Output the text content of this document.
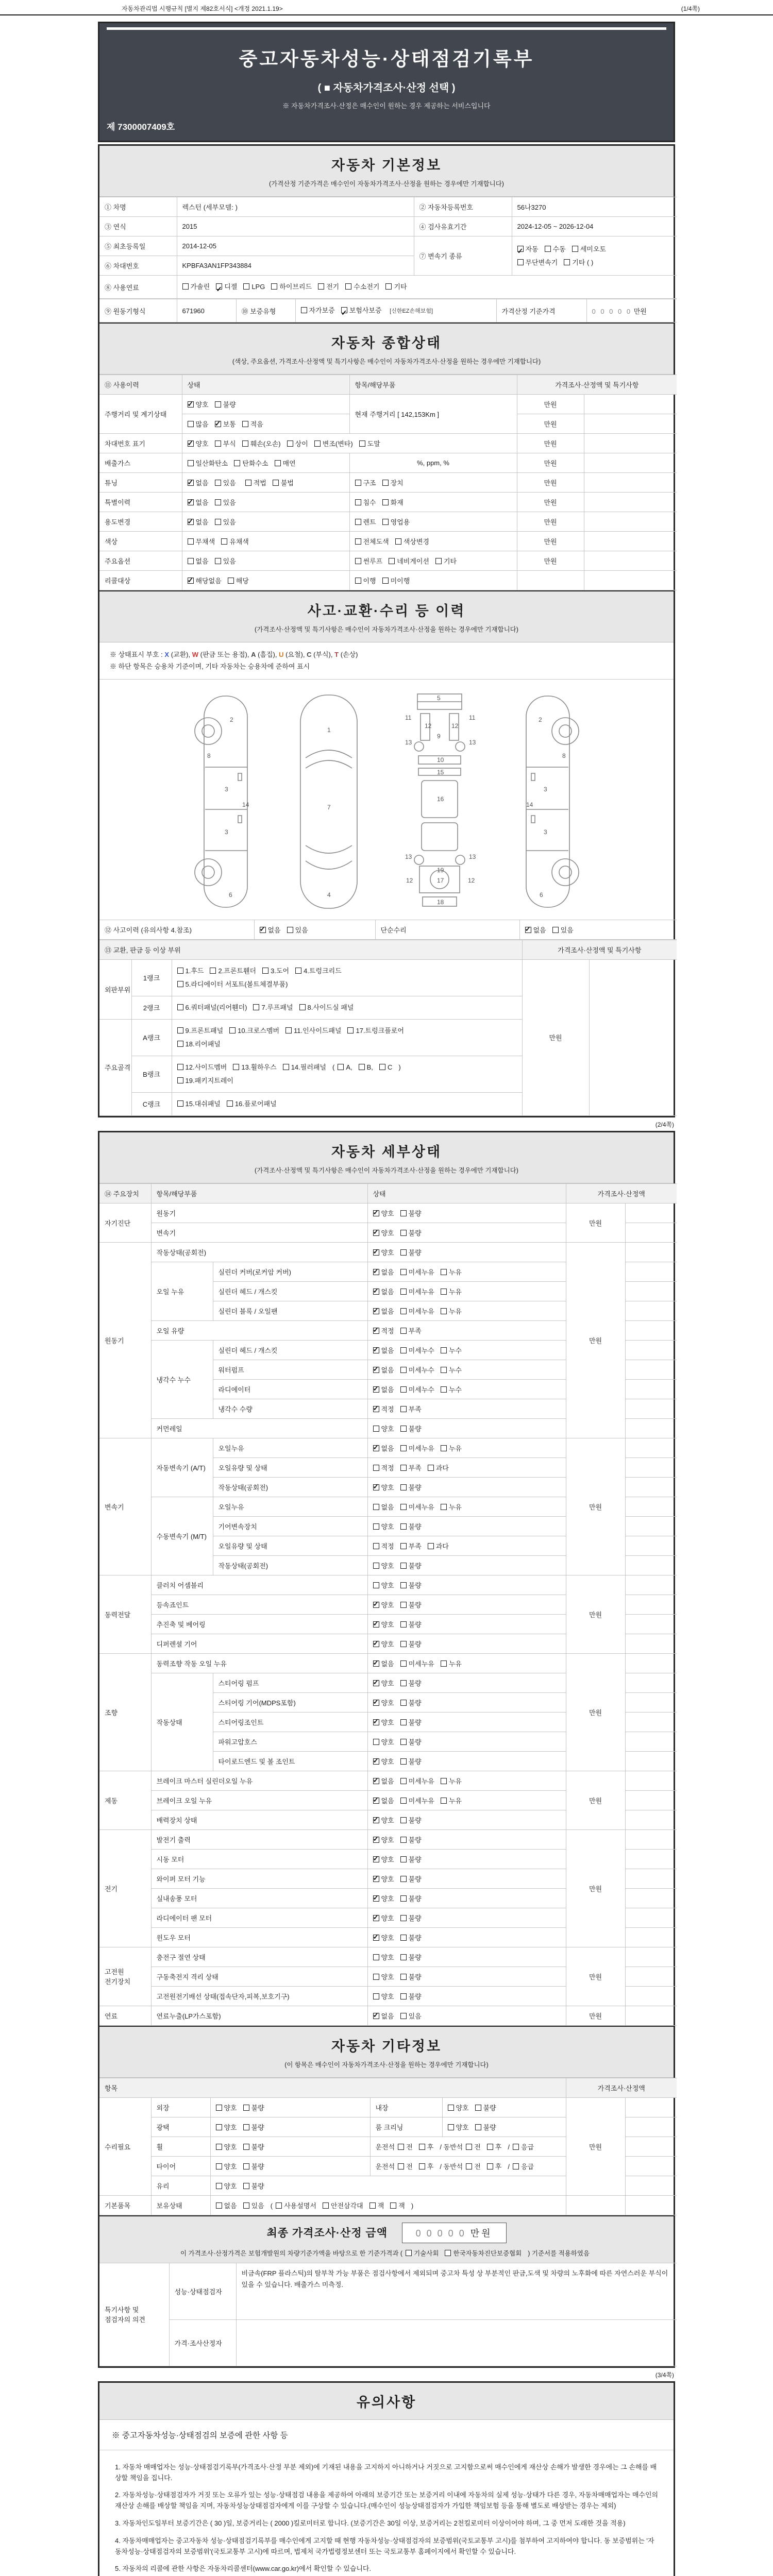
자동차관리법 시행규칙 [별지 제82호서식] <개정 2021.1.19>	(1/4쪽)
중고자동차성능·상태점검기록부
( ■ 자동차가격조사·산정 선택 )
※ 자동차가격조사·산정은 매수인이 원하는 경우 제공하는 서비스입니다
제 7300007409호
자동차 기본정보
(가격산정 기준가격은 매수인이 자동차가격조사·산정을 원하는 경우에만 기재합니다)
① 차명	렉스턴 (세부모델: )	② 자동차등록번호	56나3270
③ 연식	2015	④ 검사유효기간	2024-12-05 ~ 2026-12-04
⑤ 최초등록일	2014-12-05	⑦ 변속기 종류	✓자동 수동 세미오토
무단변속기 기타 ( )
⑥ 차대번호	KPBFA3AN1FP343884		
⑧ 사용연료	가솔린 ✓ 디젤 LPG 하이브리드 전기 수소전기 기타
⑨ 원동기형식	671960	⑩ 보증유형	자가보증 ✓ 보험사보증 [신한EZ손해보험]	가격산정 기준가격	0 0 0 0 0 만원
자동차 종합상태
(색상, 주요옵션, 가격조사·산정액 및 특기사항은 매수인이 자동차가격조사·산정을 원하는 경우에만 기재합니다)
⑪ 사용이력	상태	항목/해당부품	가격조사·산정액 및 특기사항	
주행거리 및 계기상태	✓양호 불량	현재 주행거리 [ 142,153Km ]	만원	
	많음 ✓ 보통 적음		만원	
차대번호 표기	✓양호 부식 훼손(오손) 상이 변조(변타) 도말		만원	
배출가스	일산화탄소 탄화수소 매연	%, ppm, %	만원	
튜닝	✓없음 있음 적법 불법	구조 장치	만원	
특별이력	✓없음 있음	침수 화재	만원	
용도변경	✓없음 있음	렌트 영업용	만원	
색상	무채색 유채색	전체도색 색상변경	만원	
주요옵션	없음 있음	썬루프 네비게이션 기타	만원	
리콜대상	✓해당없음 해당	이행 미이행		
사고·교환·수리 등 이력
(가격조사·산정액 및 특기사항은 매수인이 자동차가격조사·산정을 원하는 경우에만 기재합니다)
※ 상태표시 부호 : X (교환), W (판금 또는 용접), A (흠집), U (요철), C (부식), T (손상)
※ 하단 항목은 승용차 기준이며, 기타 자동차는 승용차에 준하여 표시
2
8
3
14
3
6
1
7
4
5
11	11
12	12
13	13
10
15
16
13	13
19
12	17	12
18
9
2
8
3
14
3
6
⑫ 사고이력 (유의사항 4.참조)	✓없음 있음	단순수리	✓없음 있음
⑬ 교환, 판금 등 이상 부위			가격조사·산정액 및 특기사항	
외판부위	1랭크	1.후드 2.프론트휀더 3.도어 4.트렁크리드
5.라디에이터 서포트(볼트체결부품)	만원	
	2랭크	6.쿼터패널(리어휀더) 7.루프패널 8.사이드실 패널		
주요골격	A랭크	9.프론트패널 10.크로스멤버 11.인사이드패널 17.트렁크플로어
18.리어패널		
	B랭크	12.사이드멤버 13.휠하우스 14.필러패널 ( A, B, C )
19.패키지트레이		
	C랭크	15.대쉬패널 16.플로어패널		
(2/4쪽)
자동차 세부상태
(가격조사·산정액 및 특기사항은 매수인이 자동차가격조사·산정을 원하는 경우에만 기재합니다)
⑭ 주요장치	항목/해당부품		상태	가격조사·산정액	
자기진단	원동기	✓양호 불량	만원	
	변속기	✓양호 불량	
원동기	작동상태(공회전)	✓양호 불량	만원	
	오일 누유	실린더 커버(로커암 커버)	✓없음 미세누유 누유	
		실린더 헤드 / 개스킷	✓없음 미세누유 누유	
		실린더 블록 / 오일팬	✓없음 미세누유 누유	
	오일 유량	✓적정 부족	
	냉각수 누수	실린더 헤드 / 개스킷	✓없음 미세누수 누수	
		워터펌프	✓없음 미세누수 누수	
		라디에이터	✓없음 미세누수 누수	
		냉각수 수량	✓적정 부족	
	커먼레일		양호 불량		
변속기	자동변속기 (A/T)	오일누유	✓없음 미세누유 누유	만원	
		오일유량 및 상태	적정 부족 과다		
		작동상태(공회전)	✓양호 불량	
	수동변속기 (M/T)	오일누유	없음 미세누유 누유		
		기어변속장치	양호 불량		
		오일유량 및 상태	적정 부족 과다		
		작동상태(공회전)	양호 불량		
동력전달	클러치 어셈블리		양호 불량	만원	
	등속죠인트	✓양호 불량	
	추진축 및 베어링	✓양호 불량	
	디퍼렌셜 기어	✓양호 불량	
조향	동력조향 작동 오일 누유	✓없음 미세누유 누유	만원	
	작동상태	스티어링 펌프	✓양호 불량	
		스티어링 기어(MDPS포함)	✓양호 불량	
		스티어링조인트	✓양호 불량	
		파워고압호스	양호 불량		
		타이로드엔드 및 볼 조인트	✓양호 불량	
제동	브레이크 마스터 실린더오일 누유	✓없음 미세누유 누유	만원	
	브레이크 오일 누유	✓없음 미세누유 누유	
	배력장치 상태	✓양호 불량	
전기	발전기 출력	✓양호 불량	만원	
	시동 모터	✓양호 불량	
	와이퍼 모터 기능	✓양호 불량	
	실내송풍 모터	✓양호 불량	
	라디에이터 팬 모터	✓양호 불량	
	윈도우 모터	✓양호 불량	
고전원 전기장치	충전구 절연 상태		양호 불량	만원	
	구동축전지 격리 상태		양호 불량		
	고전원전기배선 상태(접속단자,피복,보호기구)		양호 불량		
연료	연료누출(LP가스포함)	✓없음 있음	만원	
자동차 기타정보
(이 항목은 매수인이 자동차가격조사·산정을 원하는 경우에만 기재합니다)
항목					가격조사·산정액	
수리필요	외장	양호 불량	내장	양호 불량	만원	
	광택	양호 불량	룸 크리닝	양호 불량		
	휠	양호 불량	운전석 전 후 / 동반석 전 후 / 응급			
	타이어	양호 불량	운전석 전 후 / 동반석 전 후 / 응급			
	유리	양호 불량				
기본품목	보유상태	없음 있음 ( 사용설명서 안전삼각대 잭 잭 )				
최종 가격조사·산정 금액	0 0 0 0 0 만원
이 가격조사·산정가격은 보험개발원의 차량기준가액을 바탕으로 한 기준가격과 ( 기술사회 한국자동차진단보증협회 ) 기준서를 적용하였음
특기사항 및 점검자의 의견	성능·상태점검자	비금속(FRP 플라스틱)의 탈부착 가능 부품은 점검사항에서 제외되며 중고차 특성 상 부분적인 판금,도색 및 차량의 노후화에 따른 자연스러운 부식이 있을 수 있습니다. 배출가스 미측정.
	가격·조사산정자	
(3/4쪽)
유의사항
※ 중고자동차성능·상태점검의 보증에 관한 사항 등

1. 자동차 매매업자는 성능·상태점검기록부(가격조사·산정 부분 제외)에 기재된 내용을 고지하지 아니하거나 거짓으로 고지함으로써 매수인에게 재산상 손해가 발생한 경우에는 그 손해를 배상할 책임을 집니다.

2. 자동차성능·상태점검자가 거짓 또는 오류가 있는 성능·상태점검 내용을 제공하여 아래의 보증기간 또는 보증거리 이내에 자동차의 실제 성능·상태가 다른 경우, 자동차매매업자는 매수인의 재산상 손해를 배상할 책임을 지며, 자동차성능상태점검자에게 이를 구상할 수 있습니다.(매수인이 성능상태점검자가 가입한 책임보험 등을 통해 별도로 배상받는 경우는 제외)

3. 자동차인도일부터 보증기간은 ( 30 )일, 보증거리는 ( 2000 )킬로미터로 합니다. (보증기간은 30일 이상, 보증거리는 2천킬로미터 이상이어야 하며, 그 중 먼저 도래한 것을 적용)

4. 자동차매매업자는 중고자동차 성능·상태점검기록부를 매수인에게 고지할 때 현행 자동차성능·상태점검자의 보증범위(국토교통부 고시)를 첨부하여 고지하여야 합니다. 동 보증범위는 '자동차성능·상태점검자의 보증범위'(국토교통부 고시)에 따르며, 법제처 국가법령정보센터 또는 국토교통부 홈페이지에서 확인할 수 있습니다.

5. 자동차의 리콜에 관한 사항은 자동차리콜센터(www.car.go.kr)에서 확인할 수 있습니다.
